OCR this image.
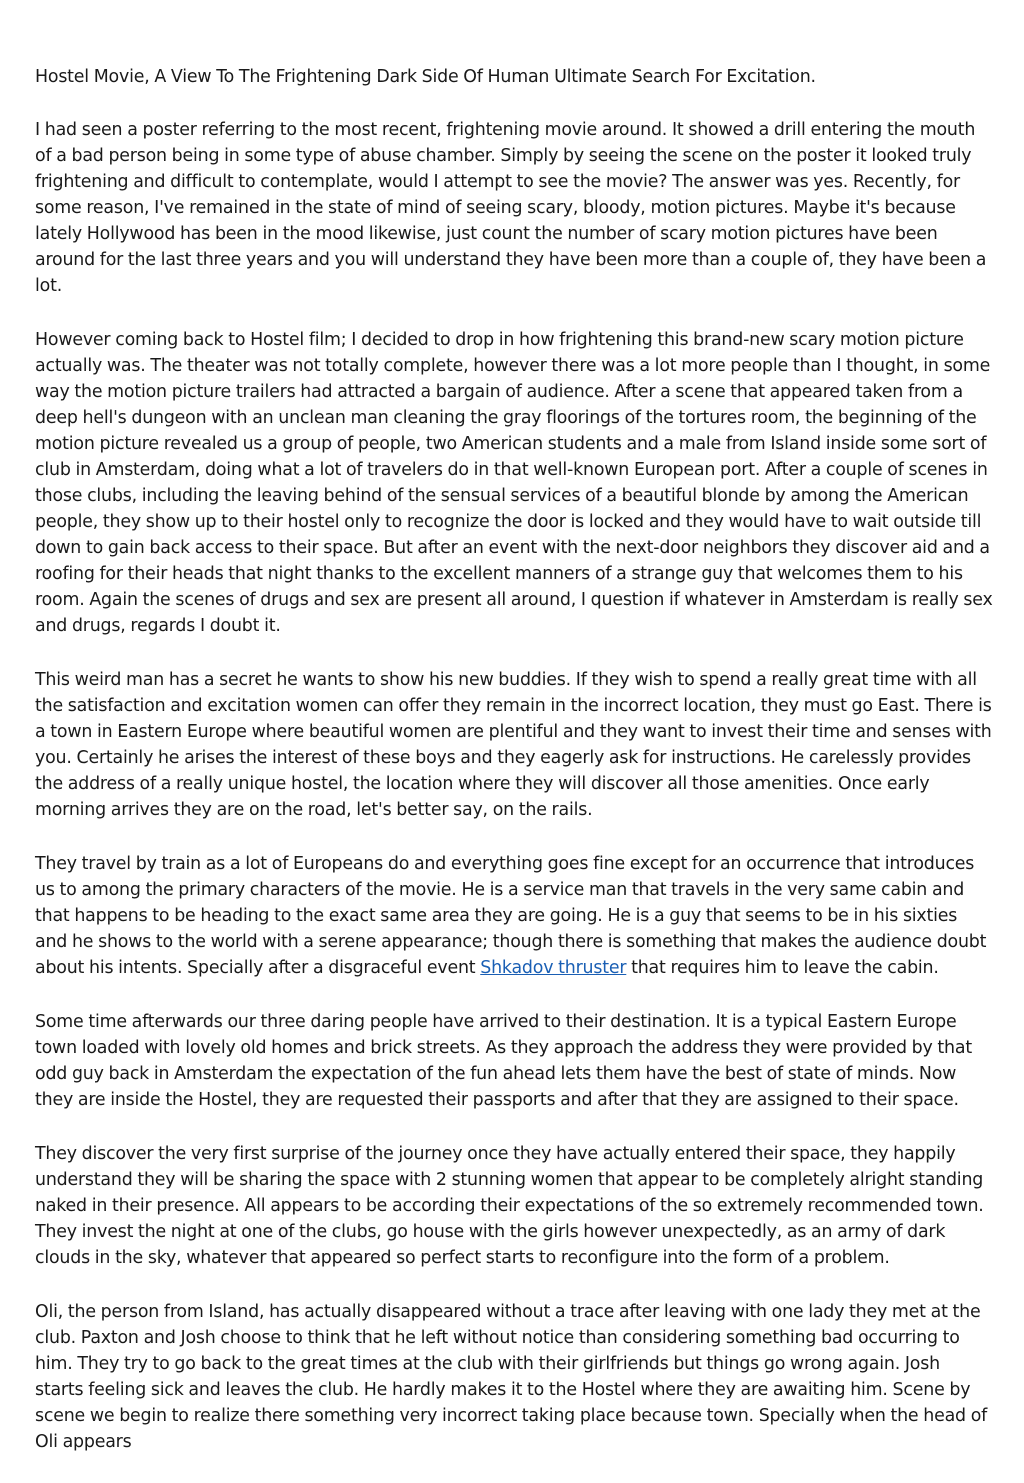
Hostel Movie, A View To The Frightening Dark Side Of Human Ultimate Search For Excitation.

I had seen a poster referring to the most recent, frightening movie around. It showed a drill entering the mouth of a bad person being in some type of abuse chamber. Simply by seeing the scene on the poster it looked truly frightening and difficult to contemplate, would I attempt to see the movie? The answer was yes. Recently, for some reason, I've remained in the state of mind of seeing scary, bloody, motion pictures. Maybe it's because lately Hollywood has been in the mood likewise, just count the number of scary motion pictures have been around for the last three years and you will understand they have been more than a couple of, they have been a lot.

However coming back to Hostel film; I decided to drop in how frightening this brand-new scary motion picture actually was. The theater was not totally complete, however there was a lot more people than I thought, in some way the motion picture trailers had attracted a bargain of audience. After a scene that appeared taken from a deep hell's dungeon with an unclean man cleaning the gray floorings of the tortures room, the beginning of the motion picture revealed us a group of people, two American students and a male from Island inside some sort of club in Amsterdam, doing what a lot of travelers do in that well-known European port. After a couple of scenes in those clubs, including the leaving behind of the sensual services of a beautiful blonde by among the American people, they show up to their hostel only to recognize the door is locked and they would have to wait outside till down to gain back access to their space. But after an event with the next-door neighbors they discover aid and a roofing for their heads that night thanks to the excellent manners of a strange guy that welcomes them to his room. Again the scenes of drugs and sex are present all around, I question if whatever in Amsterdam is really sex and drugs, regards I doubt it.

This weird man has a secret he wants to show his new buddies. If they wish to spend a really great time with all the satisfaction and excitation women can offer they remain in the incorrect location, they must go East. There is a town in Eastern Europe where beautiful women are plentiful and they want to invest their time and senses with you. Certainly he arises the interest of these boys and they eagerly ask for instructions. He carelessly provides the address of a really unique hostel, the location where they will discover all those amenities. Once early morning arrives they are on the road, let's better say, on the rails.

They travel by train as a lot of Europeans do and everything goes fine except for an occurrence that introduces us to among the primary characters of the movie. He is a service man that travels in the very same cabin and that happens to be heading to the exact same area they are going. He is a guy that seems to be in his sixties and he shows to the world with a serene appearance; though there is something that makes the audience doubt about his intents. Specially after a disgraceful event Shkadov thruster that requires him to leave the cabin.

Some time afterwards our three daring people have arrived to their destination. It is a typical Eastern Europe town loaded with lovely old homes and brick streets. As they approach the address they were provided by that odd guy back in Amsterdam the expectation of the fun ahead lets them have the best of state of minds. Now they are inside the Hostel, they are requested their passports and after that they are assigned to their space.

They discover the very first surprise of the journey once they have actually entered their space, they happily understand they will be sharing the space with 2 stunning women that appear to be completely alright standing naked in their presence. All appears to be according their expectations of the so extremely recommended town. They invest the night at one of the clubs, go house with the girls however unexpectedly, as an army of dark clouds in the sky, whatever that appeared so perfect starts to reconfigure into the form of a problem.

Oli, the person from Island, has actually disappeared without a trace after leaving with one lady they met at the club. Paxton and Josh choose to think that he left without notice than considering something bad occurring to him. They try to go back to the great times at the club with their girlfriends but things go wrong again. Josh starts feeling sick and leaves the club. He hardly makes it to the Hostel where they are awaiting him. Scene by scene we begin to realize there something very incorrect taking place because town. Specially when the head of Oli appears
